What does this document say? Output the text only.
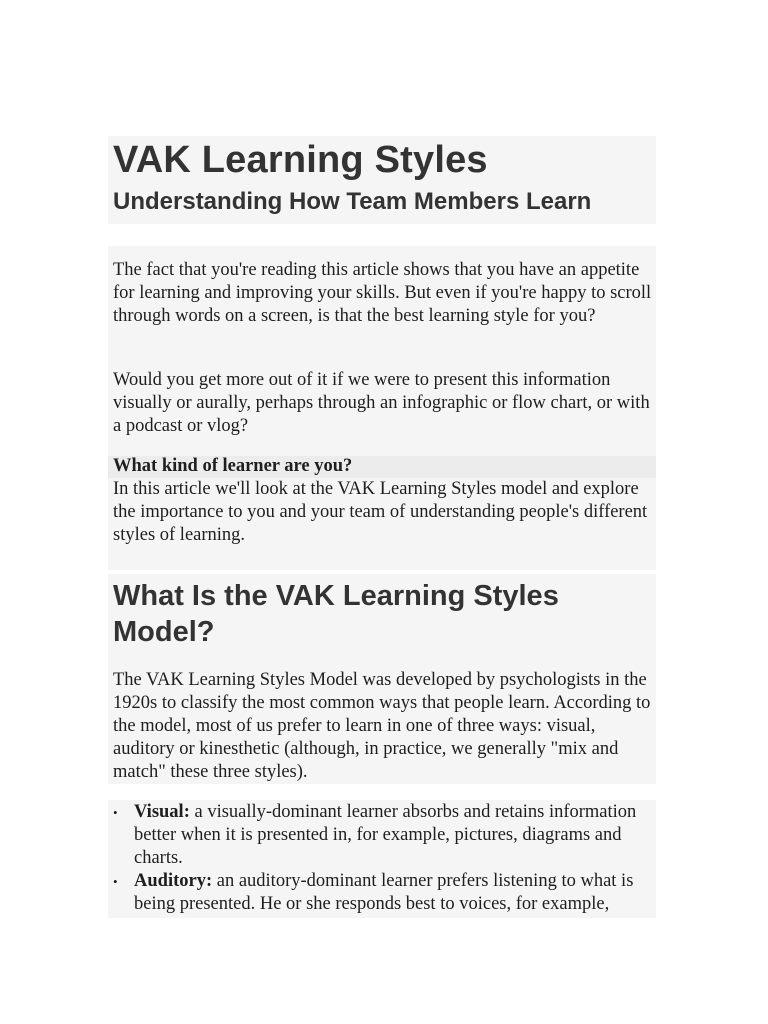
VAK Learning Styles
Understanding How Team Members Learn

The fact that you're reading this article shows that you have an appetite for learning and improving your skills. But even if you're happy to scroll through words on a screen, is that the best learning style for you?

Would you get more out of it if we were to present this information visually or aurally, perhaps through an infographic or flow chart, or with a podcast or vlog?

What kind of learner are you?

In this article we'll look at the VAK Learning Styles model and explore the importance to you and your team of understanding people's different styles of learning.

What Is the VAK Learning Styles Model?

The VAK Learning Styles Model was developed by psychologists in the 1920s to classify the most common ways that people learn. According to the model, most of us prefer to learn in one of three ways: visual, auditory or kinesthetic (although, in practice, we generally "mix and match" these three styles).

• Visual: a visually-dominant learner absorbs and retains information better when it is presented in, for example, pictures, diagrams and charts.
• Auditory: an auditory-dominant learner prefers listening to what is being presented. He or she responds best to voices, for example,
